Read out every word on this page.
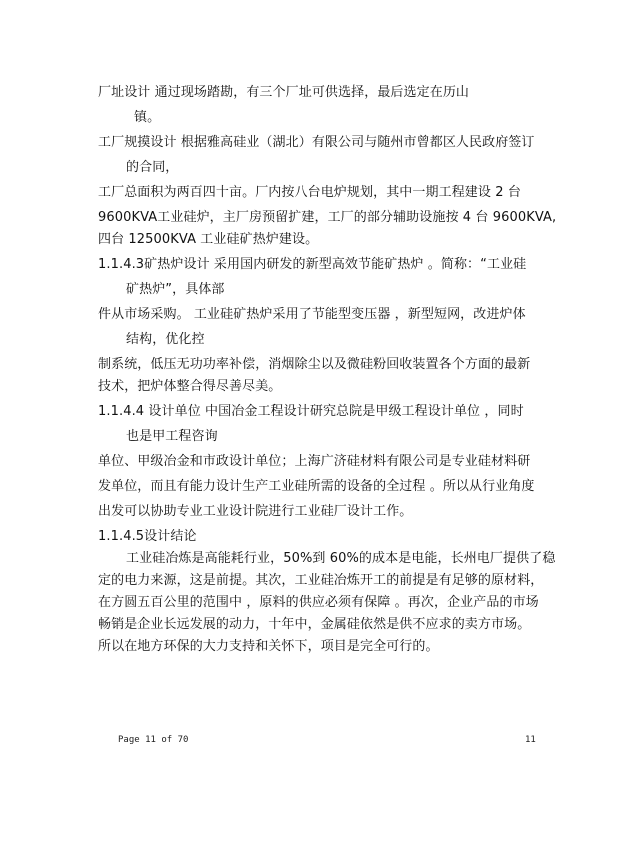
厂址设计 通过现场踏勘，有三个厂址可供选择，最后选定在历山
镇。
工厂规摸设计 根据雅高硅业（湖北）有限公司与随州市曾都区人民政府签订
的合同，
工厂总面积为两百四十亩。厂内按八台电炉规划，其中一期工程建设 2 台
9600KVA工业硅炉，主厂房预留扩建，工厂的部分辅助设施按 4 台 9600KVA,
四台 12500KVA 工业硅矿热炉建设。
1.1.4.3矿热炉设计 采用国内研发的新型高效节能矿热炉 。简称：“工业硅
矿热炉”，具体部
件从市场采购。 工业硅矿热炉采用了节能型变压器 ，新型短网，改进炉体
结构，优化控
制系统，低压无功功率补偿，消烟除尘以及微硅粉回收装置各个方面的最新
技术，把炉体整合得尽善尽美。
1.1.4.4 设计单位 中国冶金工程设计研究总院是甲级工程设计单位 ，同时
也是甲工程咨询
单位、甲级冶金和市政设计单位；上海广济硅材料有限公司是专业硅材料研
发单位，而且有能力设计生产工业硅所需的设备的全过程 。所以从行业角度
出发可以协助专业工业设计院进行工业硅厂设计工作。
1.1.4.5设计结论
工业硅冶炼是高能耗行业，50%到 60%的成本是电能，长州电厂提供了稳
定的电力来源，这是前提。其次，工业硅冶炼开工的前提是有足够的原材料，
在方圆五百公里的范围中 ，原料的供应必须有保障 。再次，企业产品的市场
畅销是企业长远发展的动力，十年中，金属硅依然是供不应求的卖方市场。
所以在地方环保的大力支持和关怀下，项目是完全可行的。
Page 11 of 70	11
